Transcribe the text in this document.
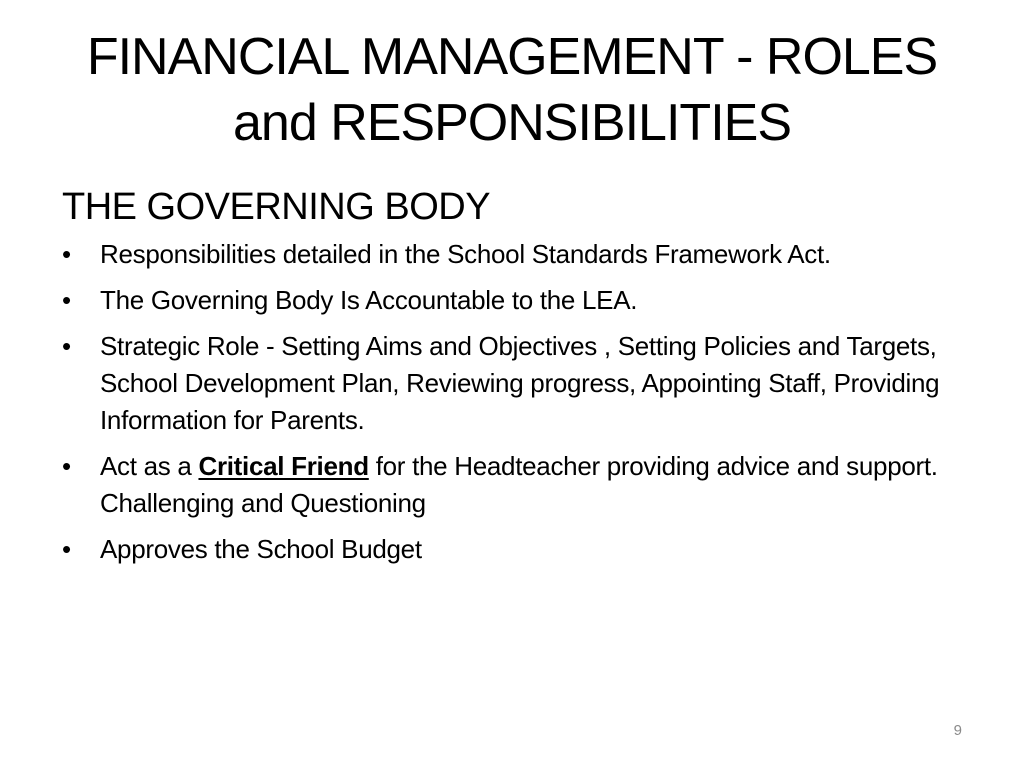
FINANCIAL MANAGEMENT - ROLES
and RESPONSIBILITIES
THE GOVERNING BODY
•	Responsibilities detailed in the School Standards Framework Act.
•	The Governing Body Is Accountable to the LEA.
•	Strategic Role - Setting Aims and Objectives , Setting Policies and Targets, School Development Plan, Reviewing progress, Appointing Staff, Providing Information for Parents.
•	Act as a Critical Friend for the Headteacher providing advice and support. Challenging and Questioning
•	Approves the School Budget
9
